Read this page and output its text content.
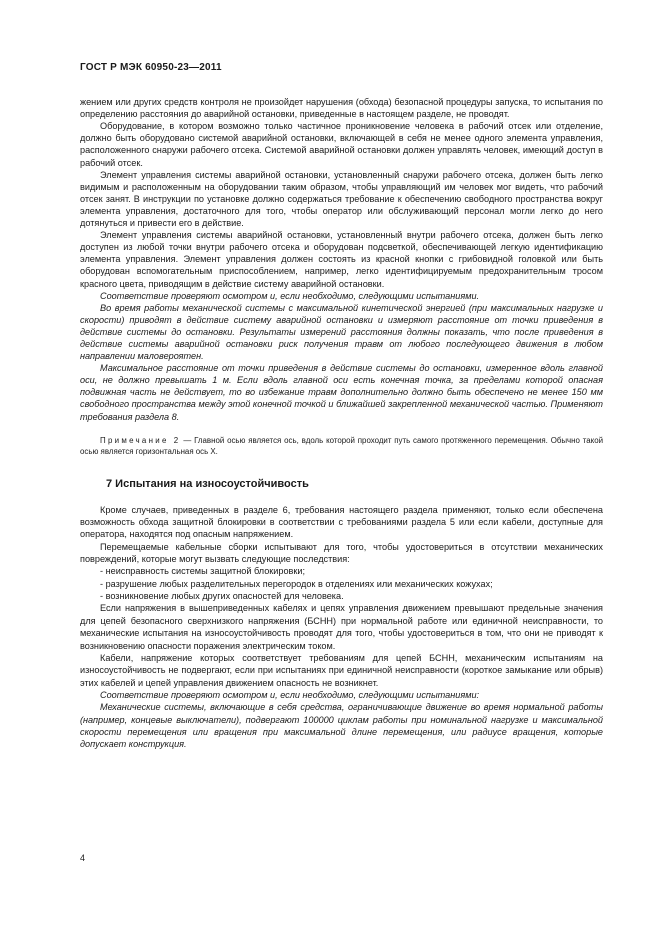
ГОСТ Р МЭК 60950-23—2011

жением или других средств контроля не произойдет нарушения (обхода) безопасной процедуры запуска, то испытания по определению расстояния до аварийной остановки, приведенные в настоящем разделе, не проводят.

Оборудование, в котором возможно только частичное проникновение человека в рабочий отсек или отделение, должно быть оборудовано системой аварийной остановки, включающей в себя не менее одного элемента управления, расположенного снаружи рабочего отсека. Системой аварийной остановки должен управлять человек, имеющий доступ в рабочий отсек.

Элемент управления системы аварийной остановки, установленный снаружи рабочего отсека, должен быть легко видимым и расположенным на оборудовании таким образом, чтобы управляющий им человек мог видеть, что рабочий отсек занят. В инструкции по установке должно содержаться требование к обеспечению свободного пространства вокруг элемента управления, достаточного для того, чтобы оператор или обслуживающий персонал могли легко до него дотянуться и привести его в действие.

Элемент управления системы аварийной остановки, установленный внутри рабочего отсека, должен быть легко доступен из любой точки внутри рабочего отсека и оборудован подсветкой, обеспечивающей легкую идентификацию элемента управления. Элемент управления должен состоять из красной кнопки с грибовидной головкой или быть оборудован вспомогательным приспособлением, например, легко идентифицируемым предохранительным тросом красного цвета, приводящим в действие систему аварийной остановки.

Соответствие проверяют осмотром и, если необходимо, следующими испытаниями.

Во время работы механической системы с максимальной кинетической энергией (при максимальных нагрузке и скорости) приводят в действие систему аварийной остановки и измеряют расстояние от точки приведения в действие системы до остановки. Результаты измерений расстояния должны показать, что после приведения в действие системы аварийной остановки риск получения травм от любого последующего движения в любом направлении маловероятен.

Максимальное расстояние от точки приведения в действие системы до остановки, измеренное вдоль главной оси, не должно превышать 1 м. Если вдоль главной оси есть конечная точка, за пределами которой опасная подвижная часть не действует, то во избежание травм дополнительно должно быть обеспечено не менее 150 мм свободного пространства между этой конечной точкой и ближайшей закрепленной механической частью. Применяют требования раздела 8.

Примечание 2 — Главной осью является ось, вдоль которой проходит путь самого протяженного перемещения. Обычно такой осью является горизонтальная ось X.
7 Испытания на износоустойчивость

Кроме случаев, приведенных в разделе 6, требования настоящего раздела применяют, только если обеспечена возможность обхода защитной блокировки в соответствии с требованиями раздела 5 или если кабели, доступные для оператора, находятся под опасным напряжением.

Перемещаемые кабельные сборки испытывают для того, чтобы удостовериться в отсутствии механических повреждений, которые могут вызвать следующие последствия:

- неисправность системы защитной блокировки;

- разрушение любых разделительных перегородок в отделениях или механических кожухах;

- возникновение любых других опасностей для человека.

Если напряжения в вышеприведенных кабелях и цепях управления движением превышают предельные значения для цепей безопасного сверхнизкого напряжения (БСНН) при нормальной работе или единичной неисправности, то механические испытания на износоустойчивость проводят для того, чтобы удостовериться в том, что они не приводят к возникновению опасности поражения электрическим током.

Кабели, напряжение которых соответствует требованиям для цепей БСНН, механическим испытаниям на износоустойчивость не подвергают, если при испытаниях при единичной неисправности (короткое замыкание или обрыв) этих кабелей и цепей управления движением опасность не возникнет.

Соответствие проверяют осмотром и, если необходимо, следующими испытаниями:

Механические системы, включающие в себя средства, ограничивающие движение во время нормальной работы (например, концевые выключатели), подвергают 100000 циклам работы при номинальной нагрузке и максимальной скорости перемещения или вращения при максимальной длине перемещения, или радиусе вращения, которые допускает конструкция.

4
